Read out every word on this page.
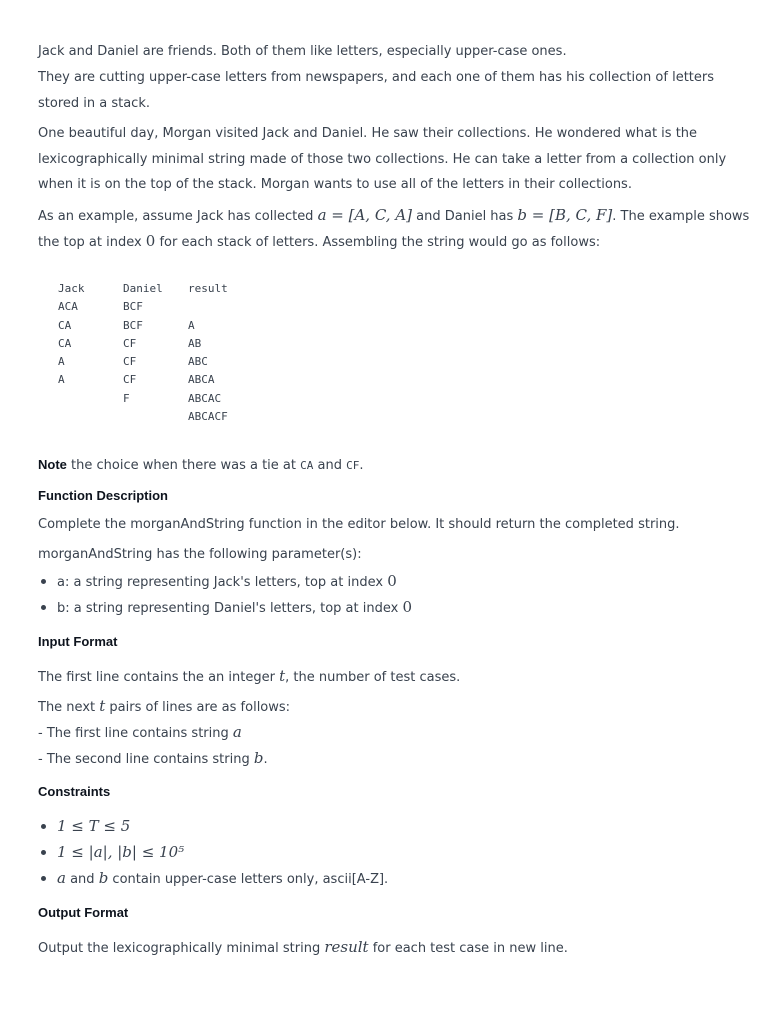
Jack and Daniel are friends. Both of them like letters, especially upper-case ones.

They are cutting upper-case letters from newspapers, and each one of them has his collection of letters

stored in a stack.

One beautiful day, Morgan visited Jack and Daniel. He saw their collections. He wondered what is the

lexicographically minimal string made of those two collections. He can take a letter from a collection only

when it is on the top of the stack. Morgan wants to use all of the letters in their collections.

As an example, assume Jack has collected a = [A, C, A] and Daniel has b = [B, C, F]. The example shows

the top at index 0 for each stack of letters. Assembling the string would go as follows:

Jack	Daniel	result
ACA	BCF	
CA	BCF	A
CA	CF	AB
A	CF	ABC
A	CF	ABCA
	F	ABCAC
		ABCACF

Note the choice when there was a tie at CA and CF.

Function Description

Complete the morganAndString function in the editor below. It should return the completed string.

morganAndString has the following parameter(s):

a: a string representing Jack's letters, top at index 0
b: a string representing Daniel's letters, top at index 0
Input Format

The first line contains the an integer t, the number of test cases.

The next t pairs of lines are as follows:

- The first line contains string a

- The second line contains string b.

Constraints
1 ≤ T ≤ 5
1 ≤ |a|, |b| ≤ 10⁵
a and b contain upper-case letters only, ascii[A-Z].
Output Format

Output the lexicographically minimal string result for each test case in new line.
